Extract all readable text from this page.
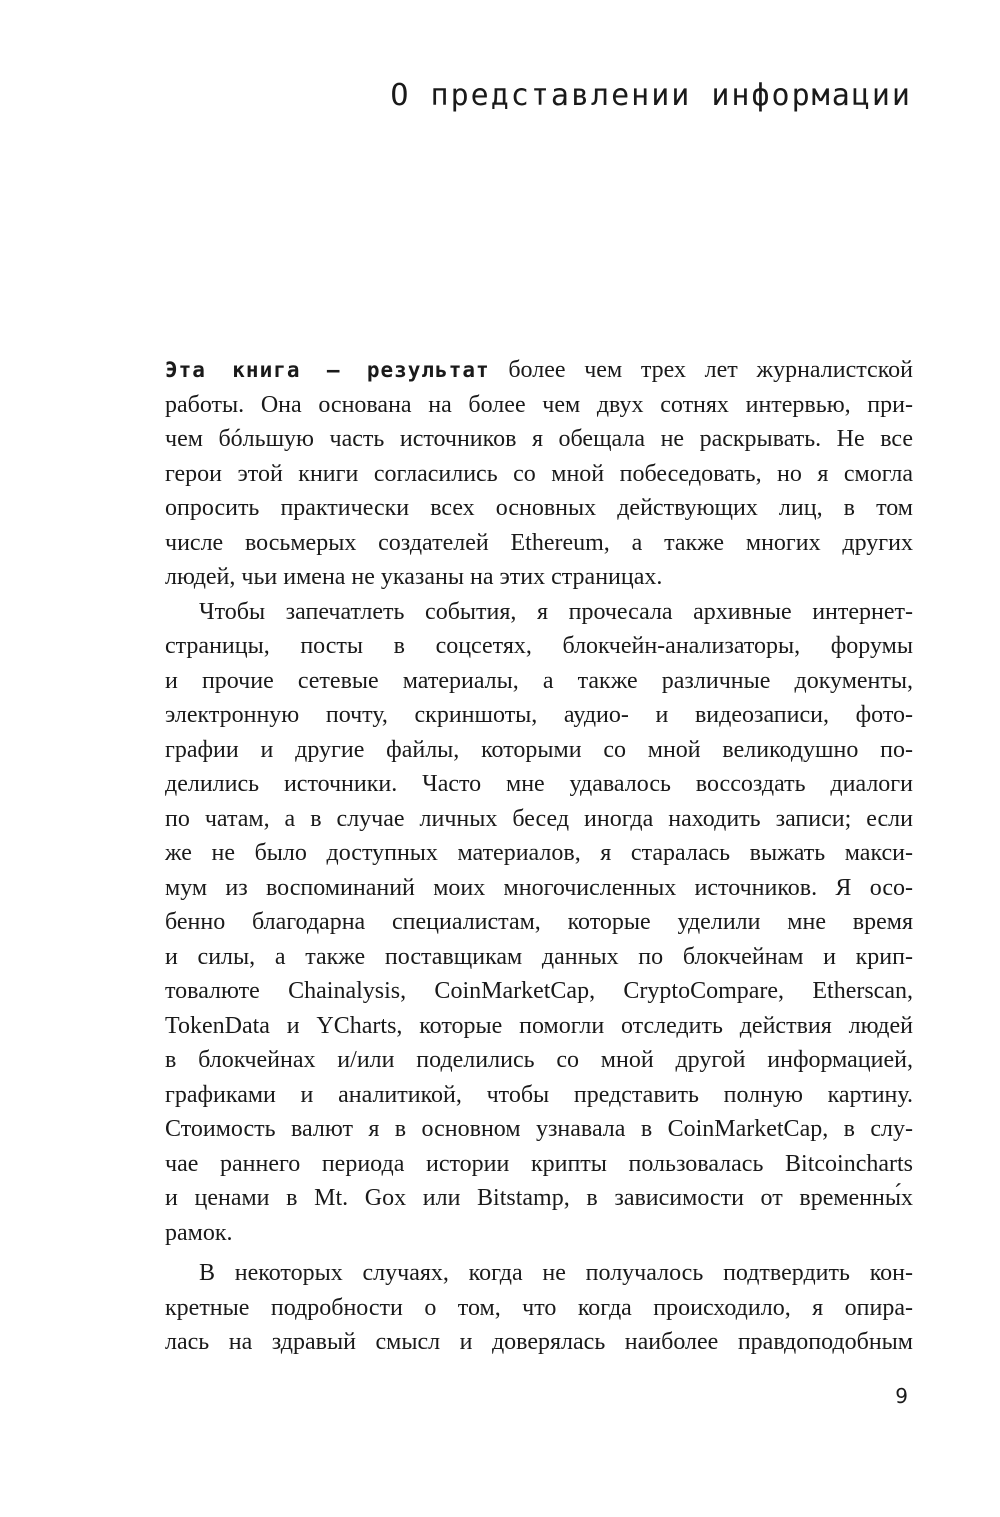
О представлении информации
Эта книга – результат более чем трех лет журналистской
работы. Она основана на более чем двух сотнях интервью, при-
чем бóльшую часть источников я обещала не раскрывать. Не все
герои этой книги согласились со мной побеседовать, но я смогла
опросить практически всех основных действующих лиц, в том
числе восьмерых создателей Ethereum, а также многих других
людей, чьи имена не указаны на этих страницах.
Чтобы запечатлеть события, я прочесала архивные интернет-
страницы, посты в соцсетях, блокчейн-анализаторы, форумы
и прочие сетевые материалы, а также различные документы,
электронную почту, скриншоты, аудио- и видеозаписи, фото-
графии и другие файлы, которыми со мной великодушно по-
делились источники. Часто мне удавалось воссоздать диалоги
по чатам, а в случае личных бесед иногда находить записи; если
же не было доступных материалов, я старалась выжать макси-
мум из воспоминаний моих многочисленных источников. Я осо-
бенно благодарна специалистам, которые уделили мне время
и силы, а также поставщикам данных по блокчейнам и крип-
товалюте Chainalysis, CoinMarketCap, CryptoCompare, Etherscan,
TokenData и YCharts, которые помогли отследить действия людей
в блокчейнах и/или поделились со мной другой информацией,
графиками и аналитикой, чтобы представить полную картину.
Стоимость валют я в основном узнавала в CoinMarketCap, в слу-
чае раннего периода истории крипты пользовалась Bitcoincharts
и ценами в Mt. Gox или Bitstamp, в зависимости от временны́х
рамок.
В некоторых случаях, когда не получалось подтвердить кон-
кретные подробности о том, что когда происходило, я опира-
лась на здравый смысл и доверялась наиболее правдоподобным

9
